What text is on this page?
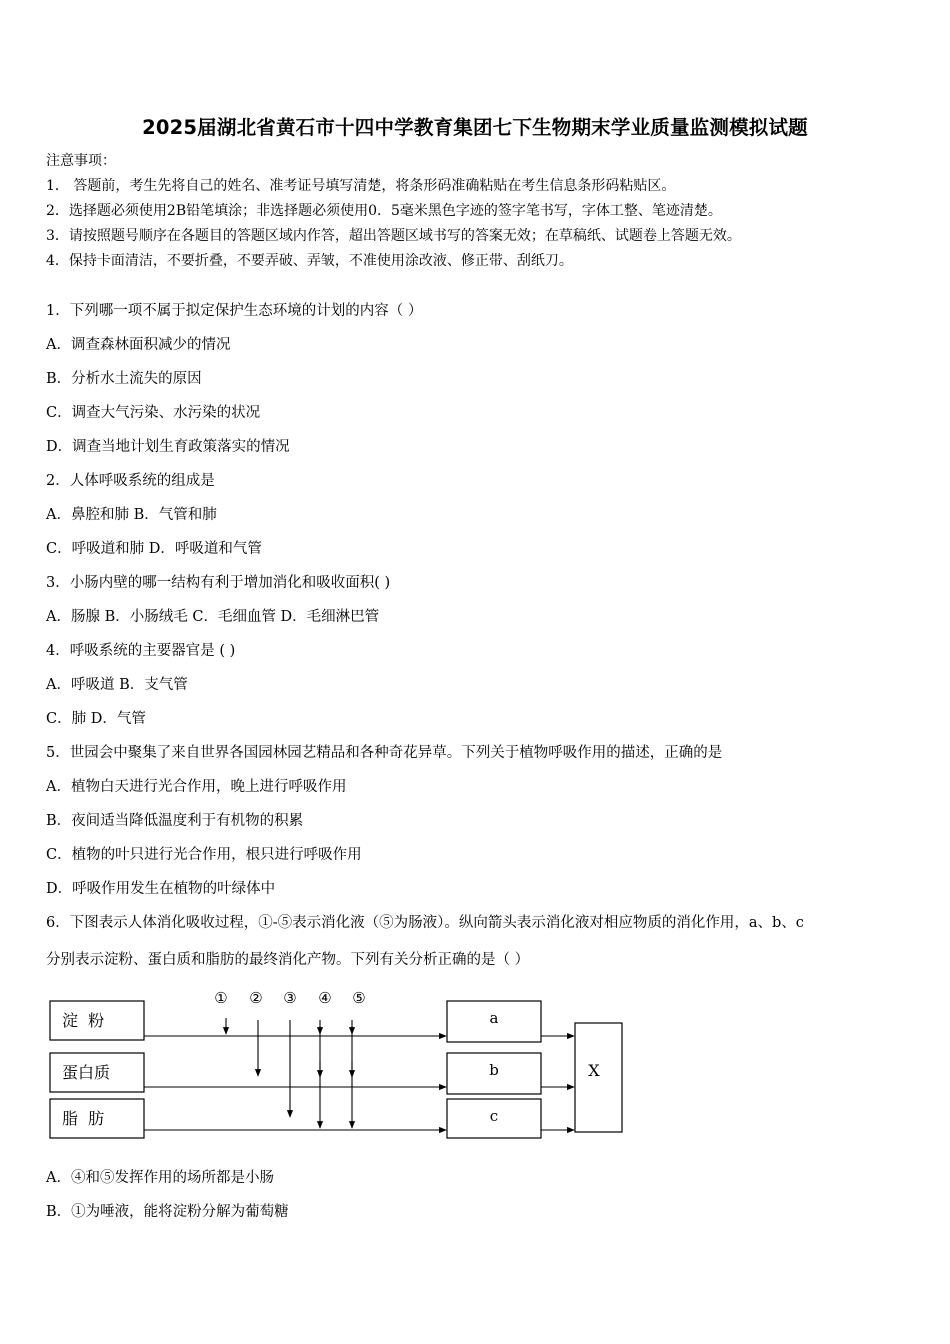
2025届湖北省黄石市十四中学教育集团七下生物期末学业质量监测模拟试题
注意事项：
1． 答题前，考生先将自己的姓名、准考证号填写清楚，将条形码准确粘贴在考生信息条形码粘贴区。
2．选择题必须使用2B铅笔填涂；非选择题必须使用0．5毫米黑色字迹的签字笔书写，字体工整、笔迹清楚。
3．请按照题号顺序在各题目的答题区域内作答，超出答题区域书写的答案无效；在草稿纸、试题卷上答题无效。
4．保持卡面清洁，不要折叠，不要弄破、弄皱，不准使用涂改液、修正带、刮纸刀。
1．下列哪一项不属于拟定保护生态环境的计划的内容（ ）
A．调查森林面积减少的情况
B．分析水土流失的原因
C．调查大气污染、水污染的状况
D．调查当地计划生育政策落实的情况
2．人体呼吸系统的组成是
A．鼻腔和肺 B．气管和肺
C．呼吸道和肺 D．呼吸道和气管
3．小肠内壁的哪一结构有利于增加消化和吸收面积( )
A．肠腺 B．小肠绒毛 C．毛细血管 D．毛细淋巴管
4．呼吸系统的主要器官是 ( )
A．呼吸道 B．支气管
C．肺 D．气管
5．世园会中聚集了来自世界各国园林园艺精品和各种奇花异草。下列关于植物呼吸作用的描述，正确的是
A．植物白天进行光合作用，晚上进行呼吸作用
B．夜间适当降低温度利于有机物的积累
C．植物的叶只进行光合作用，根只进行呼吸作用
D．呼吸作用发生在植物的叶绿体中
6．下图表示人体消化吸收过程，①-⑤表示消化液（⑤为肠液）。纵向箭头表示消化液对相应物质的消化作用，a、b、c
分别表示淀粉、蛋白质和脂肪的最终消化产物。下列有关分析正确的是（ ）
① ② ③ ④ ⑤
淀  粉
蛋白质
脂  肪
a
b
c
X
A．④和⑤发挥作用的场所都是小肠
B．①为唾液，能将淀粉分解为葡萄糖
